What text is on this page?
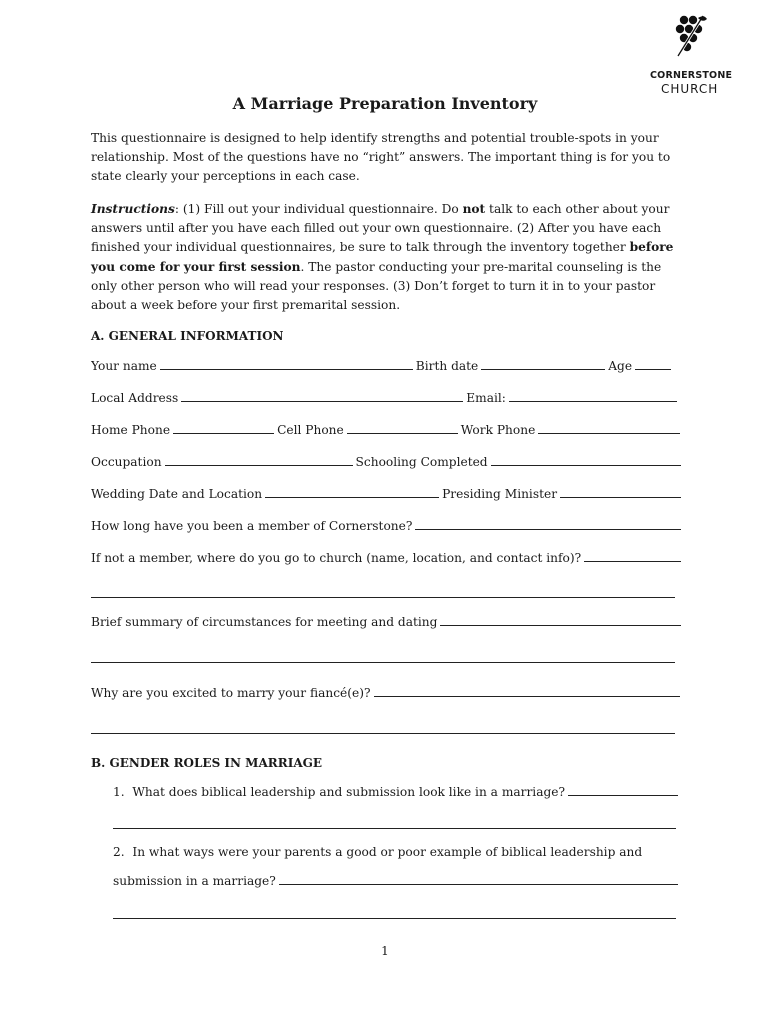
CORNERSTONE
CHURCH
A Marriage Preparation Inventory
This questionnaire is designed to help identify strengths and potential trouble-spots in your relationship. Most of the questions have no “right” answers. The important thing is for you to state clearly your perceptions in each case.
Instructions: (1) Fill out your individual questionnaire. Do not talk to each other about your answers until after you have each filled out your own questionnaire. (2) After you have each finished your individual questionnaires, be sure to talk through the inventory together before you come for your first session. The pastor conducting your pre-marital counseling is the only other person who will read your responses. (3) Don’t forget to turn it in to your pastor about a week before your first premarital session.
A. GENERAL INFORMATION
Your name	Birth date	Age
Local Address	Email:
Home Phone	Cell Phone	Work Phone
Occupation	Schooling Completed
Wedding Date and Location	Presiding Minister
How long have you been a member of Cornerstone?
If not a member, where do you go to church (name, location, and contact info)?
Brief summary of circumstances for meeting and dating
Why are you excited to marry your fiancé(e)?
B. GENDER ROLES IN MARRIAGE
1. What does biblical leadership and submission look like in a marriage?
2. In what ways were your parents a good or poor example of biblical leadership and
submission in a marriage?
1
